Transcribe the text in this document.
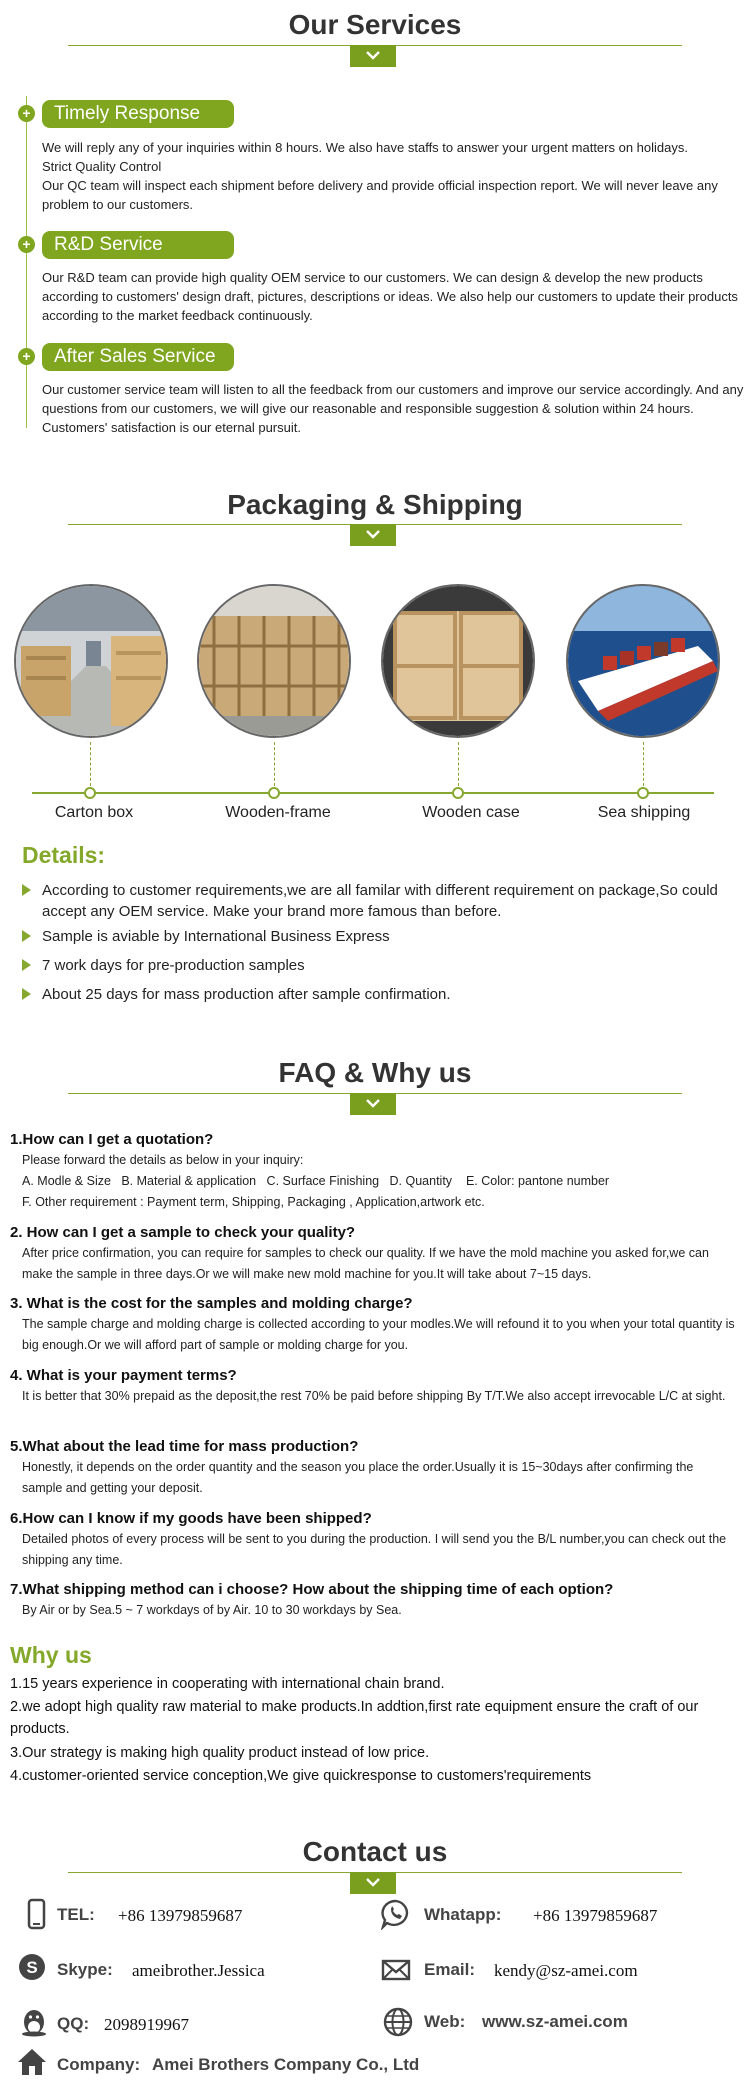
Our Services
+	Timely Response
We will reply any of your inquiries within 8 hours. We also have staffs to answer your urgent matters on holidays.
Strict Quality Control
Our QC team will inspect each shipment before delivery and provide official inspection report. We will never leave any problem to our customers.
+	R&D Service
Our R&D team can provide high quality OEM service to our customers. We can design & develop the new products according to customers' design draft, pictures, descriptions or ideas. We also help our customers to update their products according to the market feedback continuously.
+	After Sales Service
Our customer service team will listen to all the feedback from our customers and improve our service accordingly. And any questions from our customers, we will give our reasonable and responsible suggestion & solution within 24 hours. Customers' satisfaction is our eternal pursuit.
Packaging & Shipping
Carton box	Wooden-frame	Wooden case	Sea shipping
Details:
According to customer requirements,we are all familar with different requirement on package,So could accept any OEM service. Make your brand more famous than before.
Sample is aviable by International Business Express
7 work days for pre-production samples
About 25 days for mass production after sample confirmation.
FAQ & Why us
1.How can I get a quotation?
Please forward the details as below in your inquiry:
A. Modle & Size   B. Material & application   C. Surface Finishing   D. Quantity    E. Color: pantone number
F. Other requirement : Payment term, Shipping, Packaging , Application,artwork etc.
2. How can I get a sample to check your quality?
After price confirmation, you can require for samples to check our quality. If we have the mold machine you asked for,we can make the sample in three days.Or we will make new mold machine for you.It will take about 7~15 days.
3. What is the cost for the samples and molding charge?
The sample charge and molding charge is collected according to your modles.We will refound it to you when your total quantity is big enough.Or we will afford part of sample or molding charge for you.
4. What is your payment terms?
It is better that 30% prepaid as the deposit,the rest 70% be paid before shipping By T/T.We also accept irrevocable L/C at sight.
5.What about the lead time for mass production?
Honestly, it depends on the order quantity and the season you place the order.Usually it is 15~30days after confirming the sample and getting your deposit.
6.How can I know if my goods have been shipped?
Detailed photos of every process will be sent to you during the production. I will send you the B/L number,you can check out the shipping any time.
7.What shipping method can i choose? How about the shipping time of each option?
By Air or by Sea.5 ~ 7 workdays of by Air. 10 to 30 workdays by Sea.
Why us
1.15 years experience in cooperating with international chain brand.
2.we adopt high quality raw material to make products.In addtion,first rate equipment ensure the craft of our products.
3.Our strategy is making high quality product instead of low price.
4.customer-oriented service conception,We give quickresponse to customers'requirements
Contact us
TEL: +86 13979859687	Whatapp: +86 13979859687
S Skype: ameibrother.Jessica	Email: kendy@sz-amei.com
QQ: 2098919967	Web: www.sz-amei.com
Company: Amei Brothers Company Co., Ltd
